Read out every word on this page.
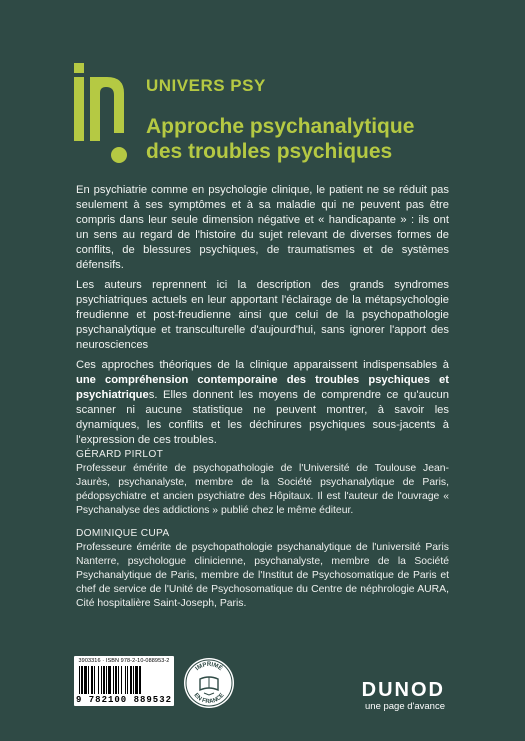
UNIVERS PSY
Approche psychanalytique
des troubles psychiques

En psychiatrie comme en psychologie clinique, le patient ne se réduit pas seulement à ses symptômes et à sa maladie qui ne peuvent pas être compris dans leur seule dimension négative et « handicapante » : ils ont un sens au regard de l'histoire du sujet relevant de diverses formes de conflits, de blessures psychiques, de traumatismes et de systèmes défensifs.

Les auteurs reprennent ici la description des grands syndromes psychiatriques actuels en leur apportant l'éclairage de la métapsychologie freudienne et post-freudienne ainsi que celui de la psychopathologie psychanalytique et transculturelle d'aujourd'hui, sans ignorer l'apport des neurosciences

Ces approches théoriques de la clinique apparaissent indispensables à une compréhension contemporaine des troubles psychiques et psychiatriques. Elles donnent les moyens de comprendre ce qu'aucun scanner ni aucune statistique ne peuvent montrer, à savoir les dynamiques, les conflits et les déchirures psychiques sous-jacents à l'expression de ces troubles.

GÉRARD PIRLOT
Professeur émérite de psychopathologie de l'Université de Toulouse Jean-Jaurès, psychanalyste, membre de la Société psychanalytique de Paris, pédopsychiatre et ancien psychiatre des Hôpitaux. Il est l'auteur de l'ouvrage « Psychanalyse des addictions » publié chez le même éditeur.
DOMINIQUE CUPA
Professeure émérite de psychopathologie psychanalytique de l'université Paris Nanterre, psychologue clinicienne, psychanalyste, membre de la Société Psychanalytique de Paris, membre de l'Institut de Psychosomatique de Paris et chef de service de l'Unité de Psychosomatique du Centre de néphrologie AURA, Cité hospitalière Saint-Joseph, Paris.
3903316 · ISBN 978-2-10-088953-2
9 782100 889532
IMPRIMÉ
EN FRANCE	DUNOD
une page d'avance
